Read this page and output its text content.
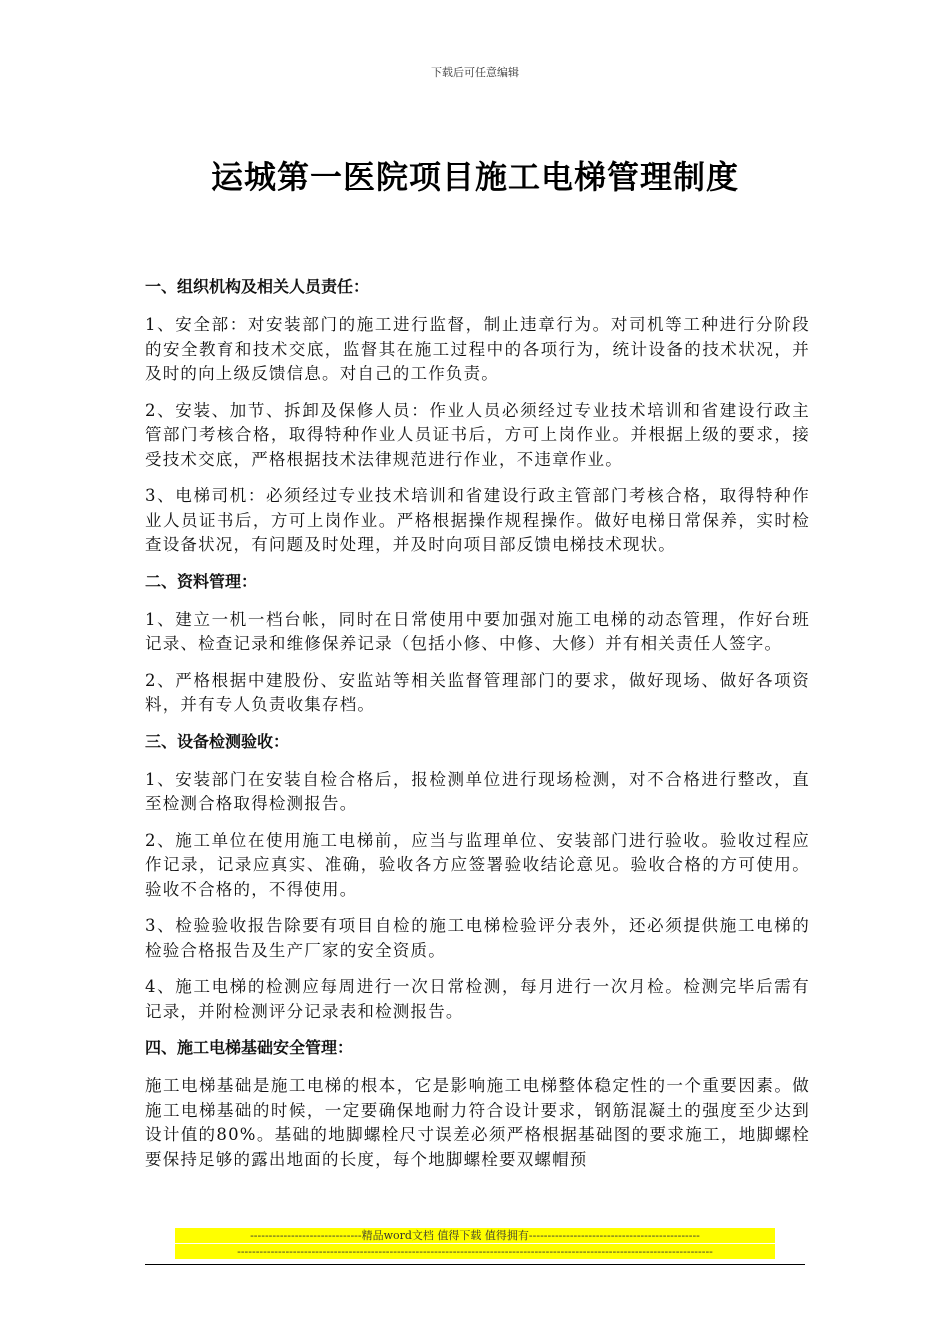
下载后可任意编辑
运城第一医院项目施工电梯管理制度
一、组织机构及相关人员责任：

1、安全部：对安装部门的施工进行监督，制止违章行为。对司机等工种进行分阶段的安全教育和技术交底，监督其在施工过程中的各项行为，统计设备的技术状况，并及时的向上级反馈信息。对自己的工作负责。

2、安装、加节、拆卸及保修人员：作业人员必须经过专业技术培训和省建设行政主管部门考核合格，取得特种作业人员证书后，方可上岗作业。并根据上级的要求，接受技术交底，严格根据技术法律规范进行作业，不违章作业。

3、电梯司机：必须经过专业技术培训和省建设行政主管部门考核合格，取得特种作业人员证书后，方可上岗作业。严格根据操作规程操作。做好电梯日常保养，实时检查设备状况，有问题及时处理，并及时向项目部反馈电梯技术现状。

二、资料管理：

1、建立一机一档台帐，同时在日常使用中要加强对施工电梯的动态管理，作好台班记录、检查记录和维修保养记录（包括小修、中修、大修）并有相关责任人签字。

2、严格根据中建股份、安监站等相关监督管理部门的要求，做好现场、做好各项资料，并有专人负责收集存档。

三、设备检测验收：

1、安装部门在安装自检合格后，报检测单位进行现场检测，对不合格进行整改，直至检测合格取得检测报告。

2、施工单位在使用施工电梯前，应当与监理单位、安装部门进行验收。验收过程应作记录，记录应真实、准确，验收各方应签署验收结论意见。验收合格的方可使用。验收不合格的，不得使用。

3、检验验收报告除要有项目自检的施工电梯检验评分表外，还必须提供施工电梯的检验合格报告及生产厂家的安全资质。

4、施工电梯的检测应每周进行一次日常检测，每月进行一次月检。检测完毕后需有记录，并附检测评分记录表和检测报告。

四、施工电梯基础安全管理：

施工电梯基础是施工电梯的根本，它是影响施工电梯整体稳定性的一个重要因素。做施工电梯基础的时候，一定要确保地耐力符合设计要求，钢筋混凝土的强度至少达到设计值的80%。基础的地脚螺栓尺寸误差必须严格根据基础图的要求施工，地脚螺栓要保持足够的露出地面的长度，每个地脚螺栓要双螺帽预

------------------------------精品word文档 值得下载 值得拥有----------------------------------------------
--------------------------------------------------------------------------------------------------------------------------------
